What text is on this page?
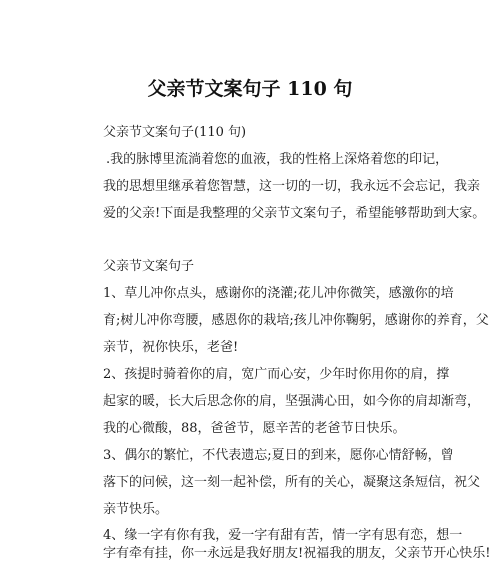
父亲节文案句子 110 句
父亲节文案句子(110 句)
.我的脉博里流淌着您的血液，我的性格上深烙着您的印记，
我的思想里继承着您智慧，这一切的一切，我永远不会忘记，我亲
爱的父亲!下面是我整理的父亲节文案句子，希望能够帮助到大家。
父亲节文案句子
1、草儿冲你点头，感谢你的浇灌;花儿冲你微笑，感激你的培
育;树儿冲你弯腰，感恩你的栽培;孩儿冲你鞠躬，感谢你的养育，父
亲节，祝你快乐，老爸!
2、孩提时骑着你的肩，宽广而心安，少年时你用你的肩，撑
起家的暖，长大后思念你的肩，坚强满心田，如今你的肩却渐弯，
我的心微酸，88，爸爸节，愿辛苦的老爸节日快乐。
3、偶尔的繁忙，不代表遗忘;夏日的到来，愿你心情舒畅，曾
落下的问候，这一刻一起补偿，所有的关心，凝聚这条短信，祝父
亲节快乐。
4、缘一字有你有我，爱一字有甜有苦，情一字有思有恋，想一
字有牵有挂，你一永远是我好朋友!祝福我的朋友，父亲节开心快乐!
